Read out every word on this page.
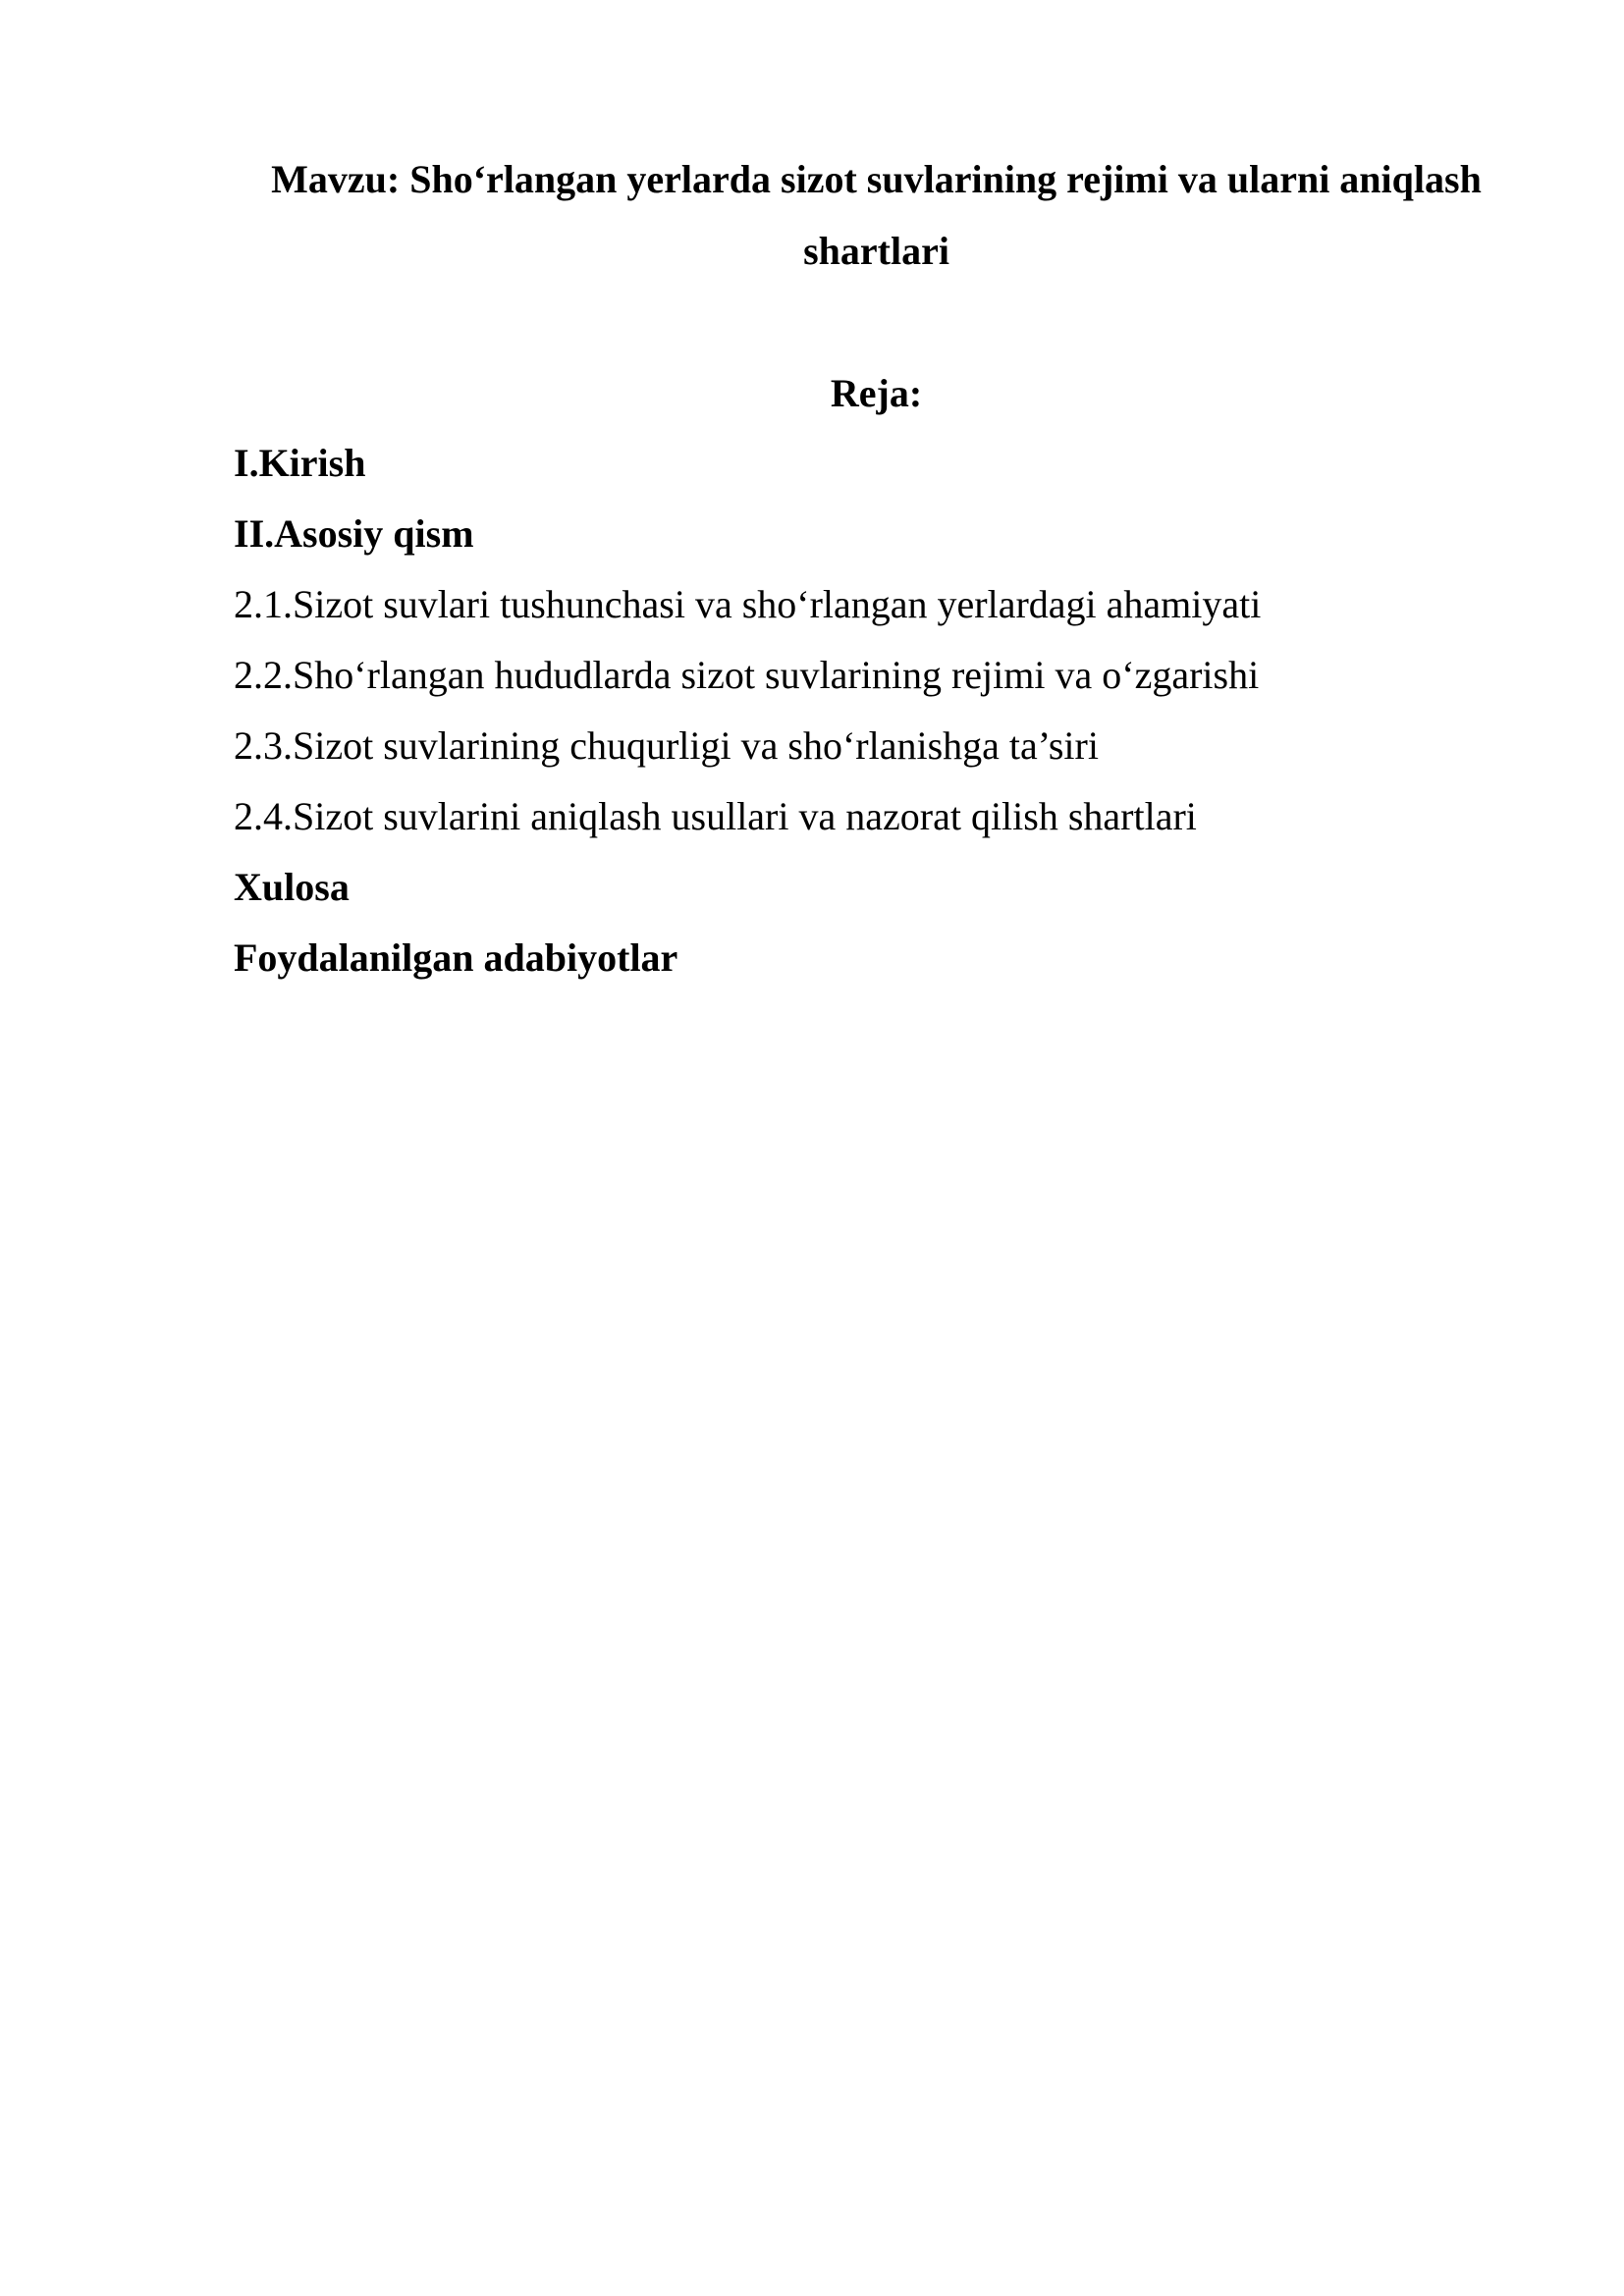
Mavzu: Sho‘rlangan yerlarda sizot suvlarining rejimi va ularni aniqlash
shartlari
Reja:
I.Kirish
II.Asosiy qism
2.1.Sizot suvlari tushunchasi va sho‘rlangan yerlardagi ahamiyati
2.2.Sho‘rlangan hududlarda sizot suvlarining rejimi va o‘zgarishi
2.3.Sizot suvlarining chuqurligi va sho‘rlanishga ta’siri
2.4.Sizot suvlarini aniqlash usullari va nazorat qilish shartlari
Xulosa
Foydalanilgan adabiyotlar
